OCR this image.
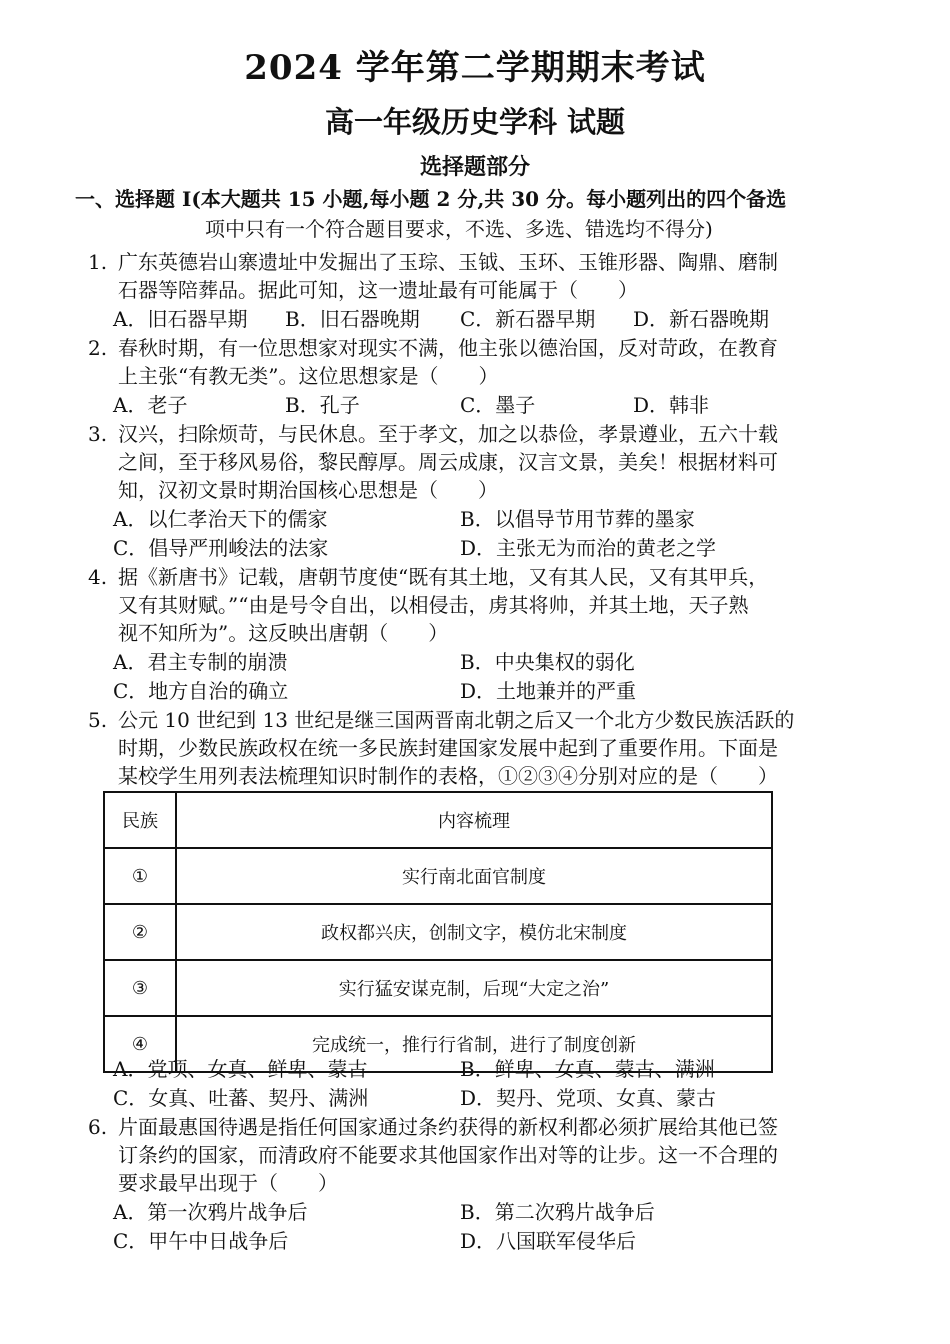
2024 学年第二学期期末考试
高一年级历史学科 试题
选择题部分
一、选择题 I(本大题共 15 小题,每小题 2 分,共 30 分。每小题列出的四个备选
项中只有一个符合题目要求，不选、多选、错选均不得分)
1. 广东英德岩山寨遗址中发掘出了玉琮、玉钺、玉环、玉锥形器、陶鼎、磨制
石器等陪葬品。据此可知，这一遗址最有可能属于（　　）
A．旧石器早期 B．旧石器晚期 C．新石器早期 D．新石器晚期
2. 春秋时期，有一位思想家对现实不满，他主张以德治国，反对苛政，在教育
上主张“有教无类”。这位思想家是（　　）
A．老子	B．孔子	C．墨子	D．韩非
3. 汉兴，扫除烦苛，与民休息。至于孝文，加之以恭俭，孝景遵业，五六十载
之间，至于移风易俗，黎民醇厚。周云成康，汉言文景，美矣！根据材料可
知，汉初文景时期治国核心思想是（　　）
A．以仁孝治天下的儒家	B．以倡导节用节葬的墨家
C．倡导严刑峻法的法家	D．主张无为而治的黄老之学
4. 据《新唐书》记载，唐朝节度使“既有其土地，又有其人民，又有其甲兵，
又有其财赋。”“由是号令自出，以相侵击，虏其将帅，并其土地，天子熟
视不知所为”。这反映出唐朝（　　）
A．君主专制的崩溃	B．中央集权的弱化
C．地方自治的确立	D．土地兼并的严重
5. 公元 10 世纪到 13 世纪是继三国两晋南北朝之后又一个北方少数民族活跃的
时期，少数民族政权在统一多民族封建国家发展中起到了重要作用。下面是
某校学生用列表法梳理知识时制作的表格，①②③④分别对应的是（　　）
民族	内容梳理
①	实行南北面官制度
②	政权都兴庆，创制文字，模仿北宋制度
③	实行猛安谋克制，后现“大定之治”
④	完成统一，推行行省制，进行了制度创新
A．党项、女真、鲜卑、蒙古	B．鲜卑、女真、蒙古、满洲
C．女真、吐蕃、契丹、满洲	D．契丹、党项、女真、蒙古
6. 片面最惠国待遇是指任何国家通过条约获得的新权利都必须扩展给其他已签
订条约的国家，而清政府不能要求其他国家作出对等的让步。这一不合理的
要求最早出现于（　　）
A．第一次鸦片战争后	B．第二次鸦片战争后
C．甲午中日战争后	D．八国联军侵华后
